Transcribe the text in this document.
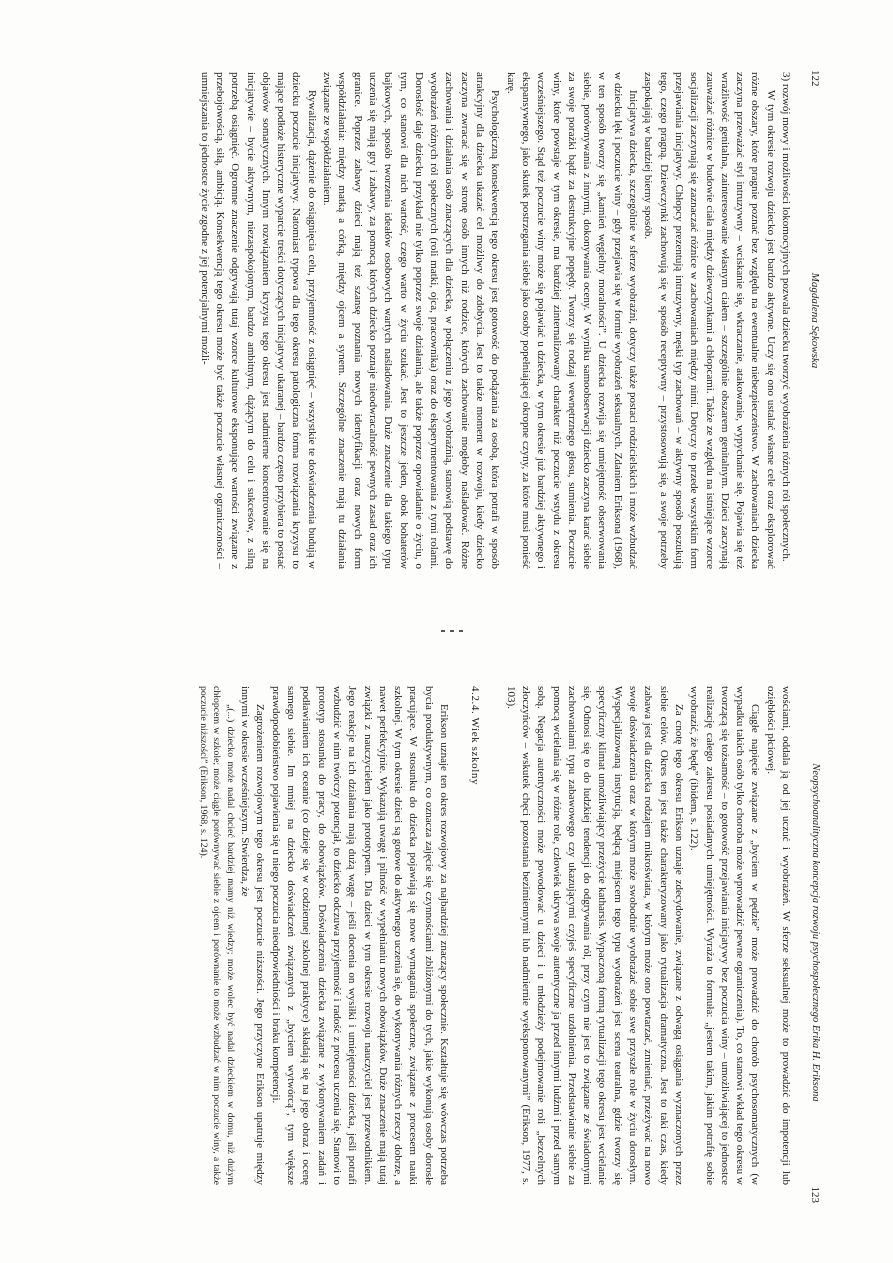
122
Magdalena Sękowska

3) rozwój mowy i możliwości lokomocyjnych pozwala dziecku tworzyć wyobrażenia różnych ról społecznych.

W tym okresie rozwoju dziecko jest bardzo aktywne. Uczy się ono ustalać własne cele oraz eksplorować różne obszary, które pragnie poznać bez względu na ewentualne niebezpieczeństwo. W zachowaniach dziecka zaczyna przeważać styl intruzywny – wciskanie się, wkraczanie, atakowanie, wypychanie się. Pojawia się też wrażliwość genitalna, zainteresowanie własnym ciałem – szczególnie obszarem genitalnym. Dzieci zaczynają zauważać różnice w budowie ciała między dziewczynkami a chłopcami. Także ze względu na istniejące wzorce socjalizacji zaczynają się zaznaczać różnice w zachowaniach między nimi. Dotyczy to przede wszystkim form przejawiania inicjatywy. Chłopcy prezentują intruzywny, męski typ zachowań – w aktywny sposób poszukują tego, czego pragną. Dziewczynki zachowują się w sposób receptywny – przystosowują się, a swoje potrzeby zaspokajają w bardziej bierny sposób.

Inicjatywa dziecka, szczególnie w sferze wyobraźni, dotyczy także postaci rodzicielskich i może wzbudzać w dziecku lęk i poczucie winy – gdy przejawia się w formie wyobrażeń seksualnych. Zdaniem Eriksona (1968), w ten sposób tworzy się „kamień węgielny moralności”. U dziecka rozwija się umiejętność obserwowania siebie, porównywania z innymi, dokonywania oceny. W wyniku samoobserwacji dziecko zaczyna karać siebie za swoje porażki bądź za destrukcyjne popędy. Tworzy się rodzaj wewnętrznego głosu, sumienia. Poczucie winy, które powstaje w tym okresie, ma bardziej zinternalizowany charakter niż poczucie wstydu z okresu wcześniejszego. Stąd też poczucie winy może się pojawiać u dziecka, w tym okresie już bardziej aktywnego i ekspansywnego, jako skutek postrzegania siebie jako osoby popełniającej okropne czyny, za które musi ponieść karę.

Psychologiczną konsekwencją tego okresu jest gotowość do podążania za osobą, która potrafi w sposób atrakcyjny dla dziecka ukazać cel możliwy do zdobycia. Jest to także moment w rozwoju, kiedy dziecko zaczyna zwracać się w stronę osób innych niż rodzice, których zachowanie mogłoby naśladować. Różne zachowania i działania osób znaczących dla dziecka, w połączeniu z jego wyobraźnią, stanowią podstawę do wyobrażeń różnych ról społecznych (roli matki, ojca, pracownika) oraz do eksperymentowania z tymi rolami. Dorosłość daje dziecku przykład nie tylko poprzez swoje działania, ale także poprzez opowiadanie o życiu, o tym, co stanowi dla nich wartość, czego warto w życiu szukać. Jest to jeszcze jeden, obok bohaterów bajkowych, sposób tworzenia ideałów osobowych wartych naśladowania. Duże znaczenie dla takiego typu uczenia się mają gry i zabawy, za pomocą których dziecko poznaje nieodwracalność pewnych zasad oraz ich granice. Poprzez zabawy dzieci mają też szansę poznania nowych identyfikacji oraz nowych form współdziałania: między matką a córką, między ojcem a synem. Szczególne znaczenie mają tu działania związane ze współdziałaniem.

Rywalizacja, dążenie do osiągnięcia celu, przyjemność z osiągnięć – wszystkie te doświadczenia budują w dziecku poczucie inicjatywy. Natomiast typowa dla tego okresu patologiczna forma rozwiązania kryzysu to mające podłoże histeryczne wyparcie treści dotyczących inicjatywy ukaranej – bardzo często przybiera to postać objawów somatycznych. Innym rozwiązaniem kryzysu tego okresu jest nadmierne koncentrowanie się na inicjatywie – bycie aktywnym, niezaspokojonym, bardzo ambitnym, dążącym do celu i sukcesów, z silną potrzebą osiągnięć. Ogromne znaczenie odgrywają tutaj wzorce kulturowe eksponujące wartości związane z przebojowością, siłą, ambicją. Konsekwencją tego okresu może być także poczucie własnej ograniczoności – umniejszania to jednostce życie zgodne z jej potencjalnymi możli-

Neopsychoanalityczna koncepcja rozwoju psychospołecznego Erika H. Eriksona
123

wościami, oddala ją od jej uczuć i wyobrażeń. W sferze seksualnej może to prowadzić do impotencji lub oziębłości płciowej.

Ciągłe napięcie związane z „byciem w pędzie” może prowadzić do chorób psychosomatycznych (w wypadku takich osób tylko choroba może wprowadzić pewne ograniczenia). To, co stanowi wkład tego okresu w tworzącą się tożsamość – to gotowość przejawiania inicjatywy bez poczucia winy – umożliwiającej to jednostce realizację całego zakresu posiadanych umiejętności. Wyraża to formuła: „jestem takim, jakim potrafię sobie wyobrazić, że będę” (ibidem, s. 122).

Za cnotę tego okresu Erikson uznaje zdecydowanie, związane z odwagą osiągania wyznaczonych przez siebie celów. Okres ten jest także charakteryzowany jako rytualizacja dramatyczna. Jest to taki czas, kiedy zabawa jest dla dziecka rodzajem mikroświata, w którym może ono powtarzać, zmieniać, przeżywać na nowo swoje doświadczenia oraz w którym może swobodnie wyobrażać sobie swe przyszłe role w życiu dorosłym. Wyspecjalizowaną instytucją, będącą miejscem tego typu wyobrażeń jest scena teatralna, gdzie tworzy się specyficzny klimat umożliwiający przeżycie katharsis. Wypaczoną formą rytualizacji tego okresu jest wcielanie się. Odnosi się to do ludzkiej tendencji do odgrywania ról, przy czym nie jest to związane ze świadomymi zachowaniami typu zabawowego czy ukazującymi czyjeś specyficzne uzdolnienia. Przedstawianie siebie za pomocą wcielania się w różne role, człowiek ukrywa swoje autentyczne ja przed innymi ludźmi i przed samym sobą. Negacja autentyczności może powodować u dzieci i u młodzieży podejmowanie roli „bezcelnych złoczyńców – wskutek chęci pozostania bezimiennymi lub nadmiernie wyeksponowanymi” (Erikson, 1977, s. 103).

4.2.4. Wiek szkolny

Erikson uznaje ten okres rozwojowy za najbardziej znaczący społecznie. Kształtuje się wówczas potrzeba bycia produktywnym, co oznacza zajęcie się czynnościami zbliżonymi do tych, jakie wykonują osoby dorosłe pracujące. W stosunku do dziecka pojawiają się nowe wymagania społeczne, związane z procesem nauki szkolnej. W tym okresie dzieci są gotowe do aktywnego uczenia się, do wykonywania różnych rzeczy dobrze, a nawet perfekcyjnie. Wykazują uwagę i pilność w wypełnianiu nowych obowiązków. Duże znaczenie mają tutaj związki z nauczycielem jako prototypem. Dla dzieci w tym okresie rozwoju nauczyciel jest przewodnikiem. Jego reakcje na ich działania mają dużą wagę – jeśli docenia on wysiłki i umiejętności dziecka, jeśli potrafi wzbudzić w nim twórczy potencjał, to dziecko odczuwa przyjemność i radość z procesu uczenia się. Stanowi to prototyp stosunku do pracy, do obowiązków. Doświadczenia dziecka związane z wykonywaniem zadań i podławianiem ich oceanie (co dzieje się w codziennej szkolnej praktyce) składają się na jego obraz i ocenę samego siebie. Im mniej na dziecko doświadczeń związanych z „byciem wytwórcą”, tym większe prawdopodobieństwo pojawienia się u niego poczucia nieodpowiedniości i braku kompetencji.

Zagrożeniem rozwojowym tego okresu jest poczucie niższości. Jego przyczyne Erikson upatruje między innymi w okresie wcześniejszym. Stwierdza, że

„(...) dziecko może nadal chcieć bardziej mamy niż wiedzy; może wolec być nadal dzieckiem w domu, niż dużym chłopcem w szkole; może ciągle porównywać siebie z ojcem i porównanie to może wzbudzać w nim poczucie winy, a także poczucie niższości” (Erikson, 1968, s. 124).
